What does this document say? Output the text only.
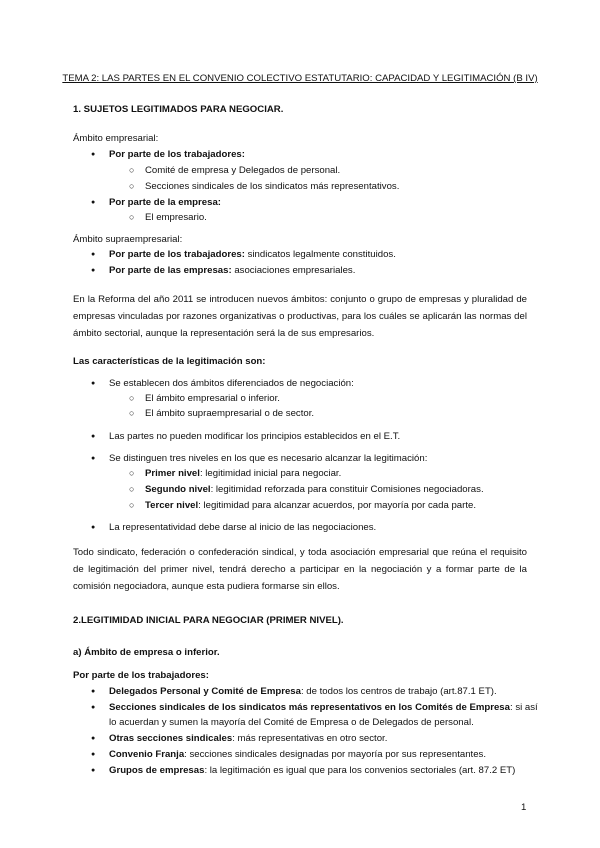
TEMA 2: LAS PARTES EN EL CONVENIO COLECTIVO ESTATUTARIO: CAPACIDAD Y LEGITIMACIÓN (B IV)
1. SUJETOS LEGITIMADOS PARA NEGOCIAR.
Ámbito empresarial:
● Por parte de los trabajadores:
○ Comité de empresa y Delegados de personal.
○ Secciones sindicales de los sindicatos más representativos.
● Por parte de la empresa:
○ El empresario.
Ámbito supraempresarial:
● Por parte de los trabajadores: sindicatos legalmente constituidos.
● Por parte de las empresas: asociaciones empresariales.
En la Reforma del año 2011 se introducen nuevos ámbitos: conjunto o grupo de empresas y pluralidad de empresas vinculadas por razones organizativas o productivas, para los cuáles se aplicarán las normas del ámbito sectorial, aunque la representación será la de sus empresarios.
Las características de la legitimación son:
● Se establecen dos ámbitos diferenciados de negociación:
○ El ámbito empresarial o inferior.
○ El ámbito supraempresarial o de sector.
● Las partes no pueden modificar los principios establecidos en el E.T.
● Se distinguen tres niveles en los que es necesario alcanzar la legitimación:
○ Primer nivel: legitimidad inicial para negociar.
○ Segundo nivel: legitimidad reforzada para constituir Comisiones negociadoras.
○ Tercer nivel: legitimidad para alcanzar acuerdos, por mayoría por cada parte.
● La representatividad debe darse al inicio de las negociaciones.
Todo sindicato, federación o confederación sindical, y toda asociación empresarial que reúna el requisito de legitimación del primer nivel, tendrá derecho a participar en la negociación y a formar parte de la comisión negociadora, aunque esta pudiera formarse sin ellos.
2.LEGITIMIDAD INICIAL PARA NEGOCIAR (PRIMER NIVEL).
a) Ámbito de empresa o inferior.
Por parte de los trabajadores:
● Delegados Personal y Comité de Empresa: de todos los centros de trabajo (art.87.1 ET).
● Secciones sindicales de los sindicatos más representativos en los Comités de Empresa: si así
lo acuerdan y sumen la mayoría del Comité de Empresa o de Delegados de personal.
● Otras secciones sindicales: más representativas en otro sector.
● Convenio Franja: secciones sindicales designadas por mayoría por sus representantes.
● Grupos de empresas: la legitimación es igual que para los convenios sectoriales (art. 87.2 ET)
1
